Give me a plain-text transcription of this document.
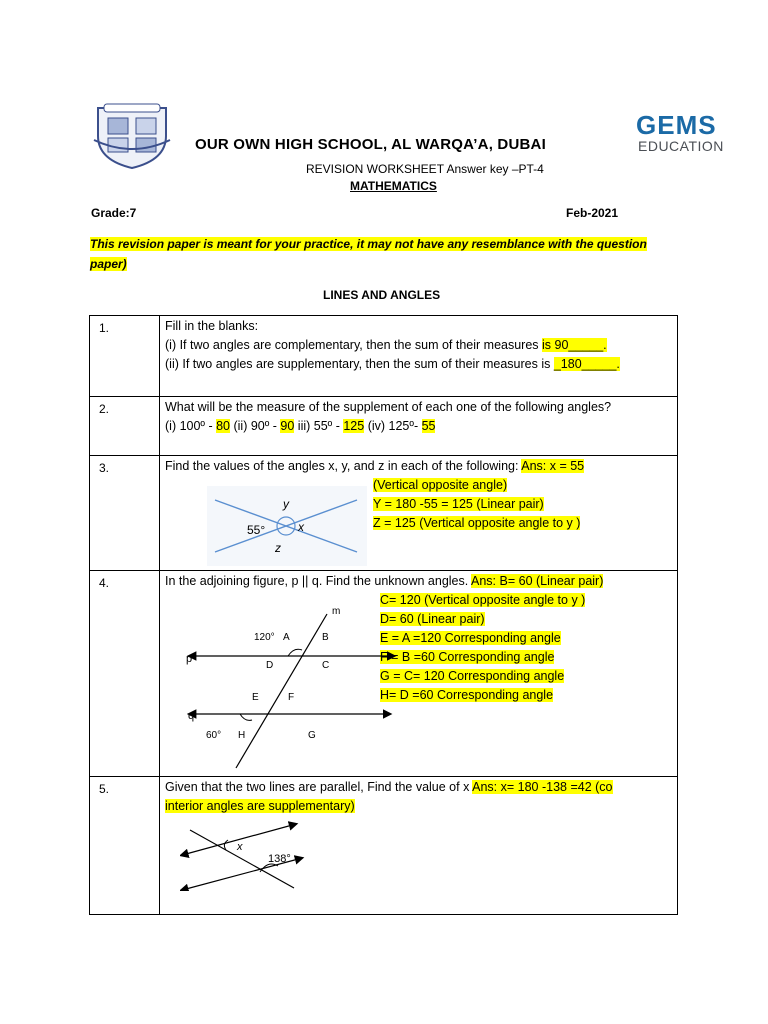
GEMS
EDUCATION
OUR OWN HIGH SCHOOL, AL WARQA’A, DUBAI
REVISION WORKSHEET Answer key –PT-4
MATHEMATICS
Grade:7	Feb-2021
This revision paper is meant for your practice, it may not have any resemblance with the question paper)
LINES AND ANGLES
1.	Fill in the blanks:
(i) If two angles are complementary, then the sum of their measures is 90_____.
(ii) If two angles are supplementary, then the sum of their measures is _180_____.
2.	What will be the measure of the supplement of each one of the following angles?
(i) 100º - 80 (ii) 90º - 90 iii) 55º - 125 (iv) 125º- 55
3.	Find the values of the angles x, y, and z in each of the following: Ans: x = 55
(Vertical opposite angle)
Y = 180 -55 = 125 (Linear pair)
Z = 125 (Vertical opposite angle to y )
55°	x
y
z
4.	In the adjoining figure, p || q. Find the unknown angles. Ans: B= 60 (Linear pair)
C= 120 (Vertical opposite angle to y )
D= 60 (Linear pair)
E = A =120 Corresponding angle
F = B =60 Corresponding angle
G = C= 120 Corresponding angle
H= D =60 Corresponding angle
m
p
q
120° A	B
C
D
E	F
G
H
60°
5.	Given that the two lines are parallel, Find the value of x Ans: x= 180 -138 =42 (co
interior angles are supplementary)
x
138°
